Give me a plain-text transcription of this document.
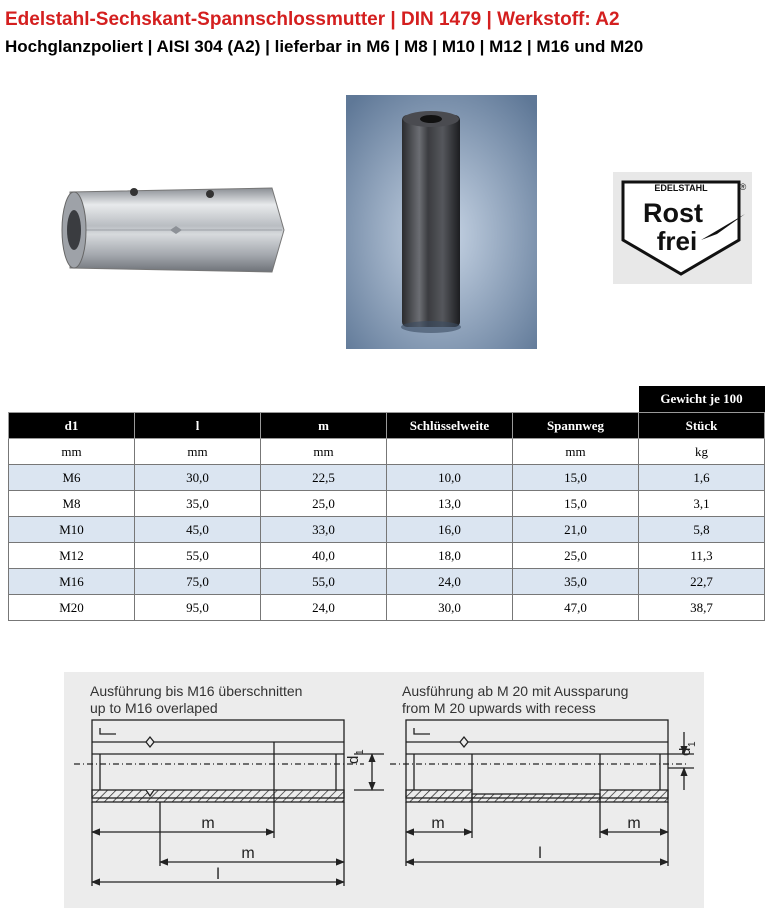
Edelstahl-Sechskant-Spannschlossmutter | DIN 1479 | Werkstoff: A2
Hochglanzpoliert | AISI 304 (A2) | lieferbar in M6 | M8 | M10 | M12 | M16 und M20
EDELSTAHL	®
Rost
frei
					Gewicht je 100
d1	l	m	Schlüsselweite	Spannweg	Stück
mm	mm	mm		mm	kg
M6	30,0	22,5	10,0	15,0	1,6
M8	35,0	25,0	13,0	15,0	3,1
M10	45,0	33,0	16,0	21,0	5,8
M12	55,0	40,0	18,0	25,0	11,3
M16	75,0	55,0	24,0	35,0	22,7
M20	95,0	24,0	30,0	47,0	38,7
Ausführung bis M16 überschnitten
up to M16 overlaped
Ausführung ab M 20 mit Aussparung
from M 20 upwards with recess
m
m
l
d
1
m	m
l
d
1
